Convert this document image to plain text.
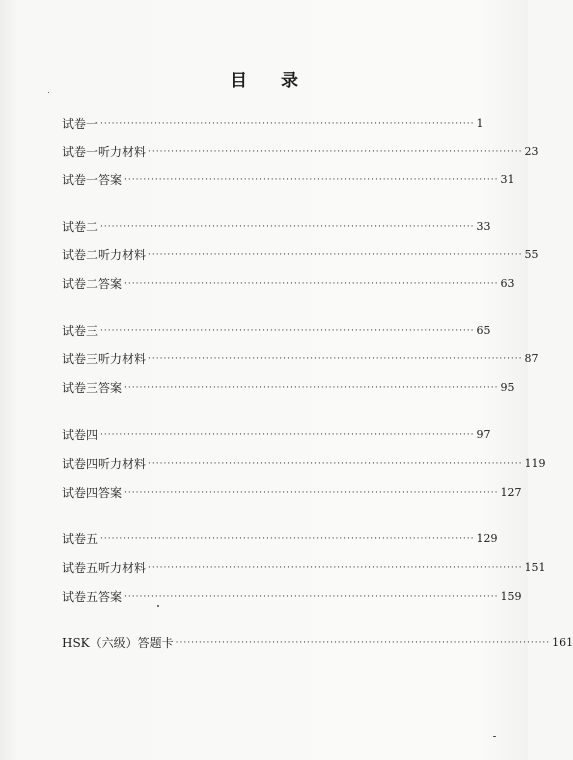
目 录
试卷一 ································································································· 1
试卷一听力材料 ································································································· 23
试卷一答案 ································································································· 31
试卷二 ································································································· 33
试卷二听力材料 ································································································· 55
试卷二答案 ································································································· 63
试卷三 ································································································· 65
试卷三听力材料 ································································································· 87
试卷三答案 ································································································· 95
试卷四 ································································································· 97
试卷四听力材料 ································································································· 119
试卷四答案 ································································································· 127
试卷五 ································································································· 129
试卷五听力材料 ································································································· 151
试卷五答案 ································································································· 159
HSK（六级）答题卡 ································································································· 161
